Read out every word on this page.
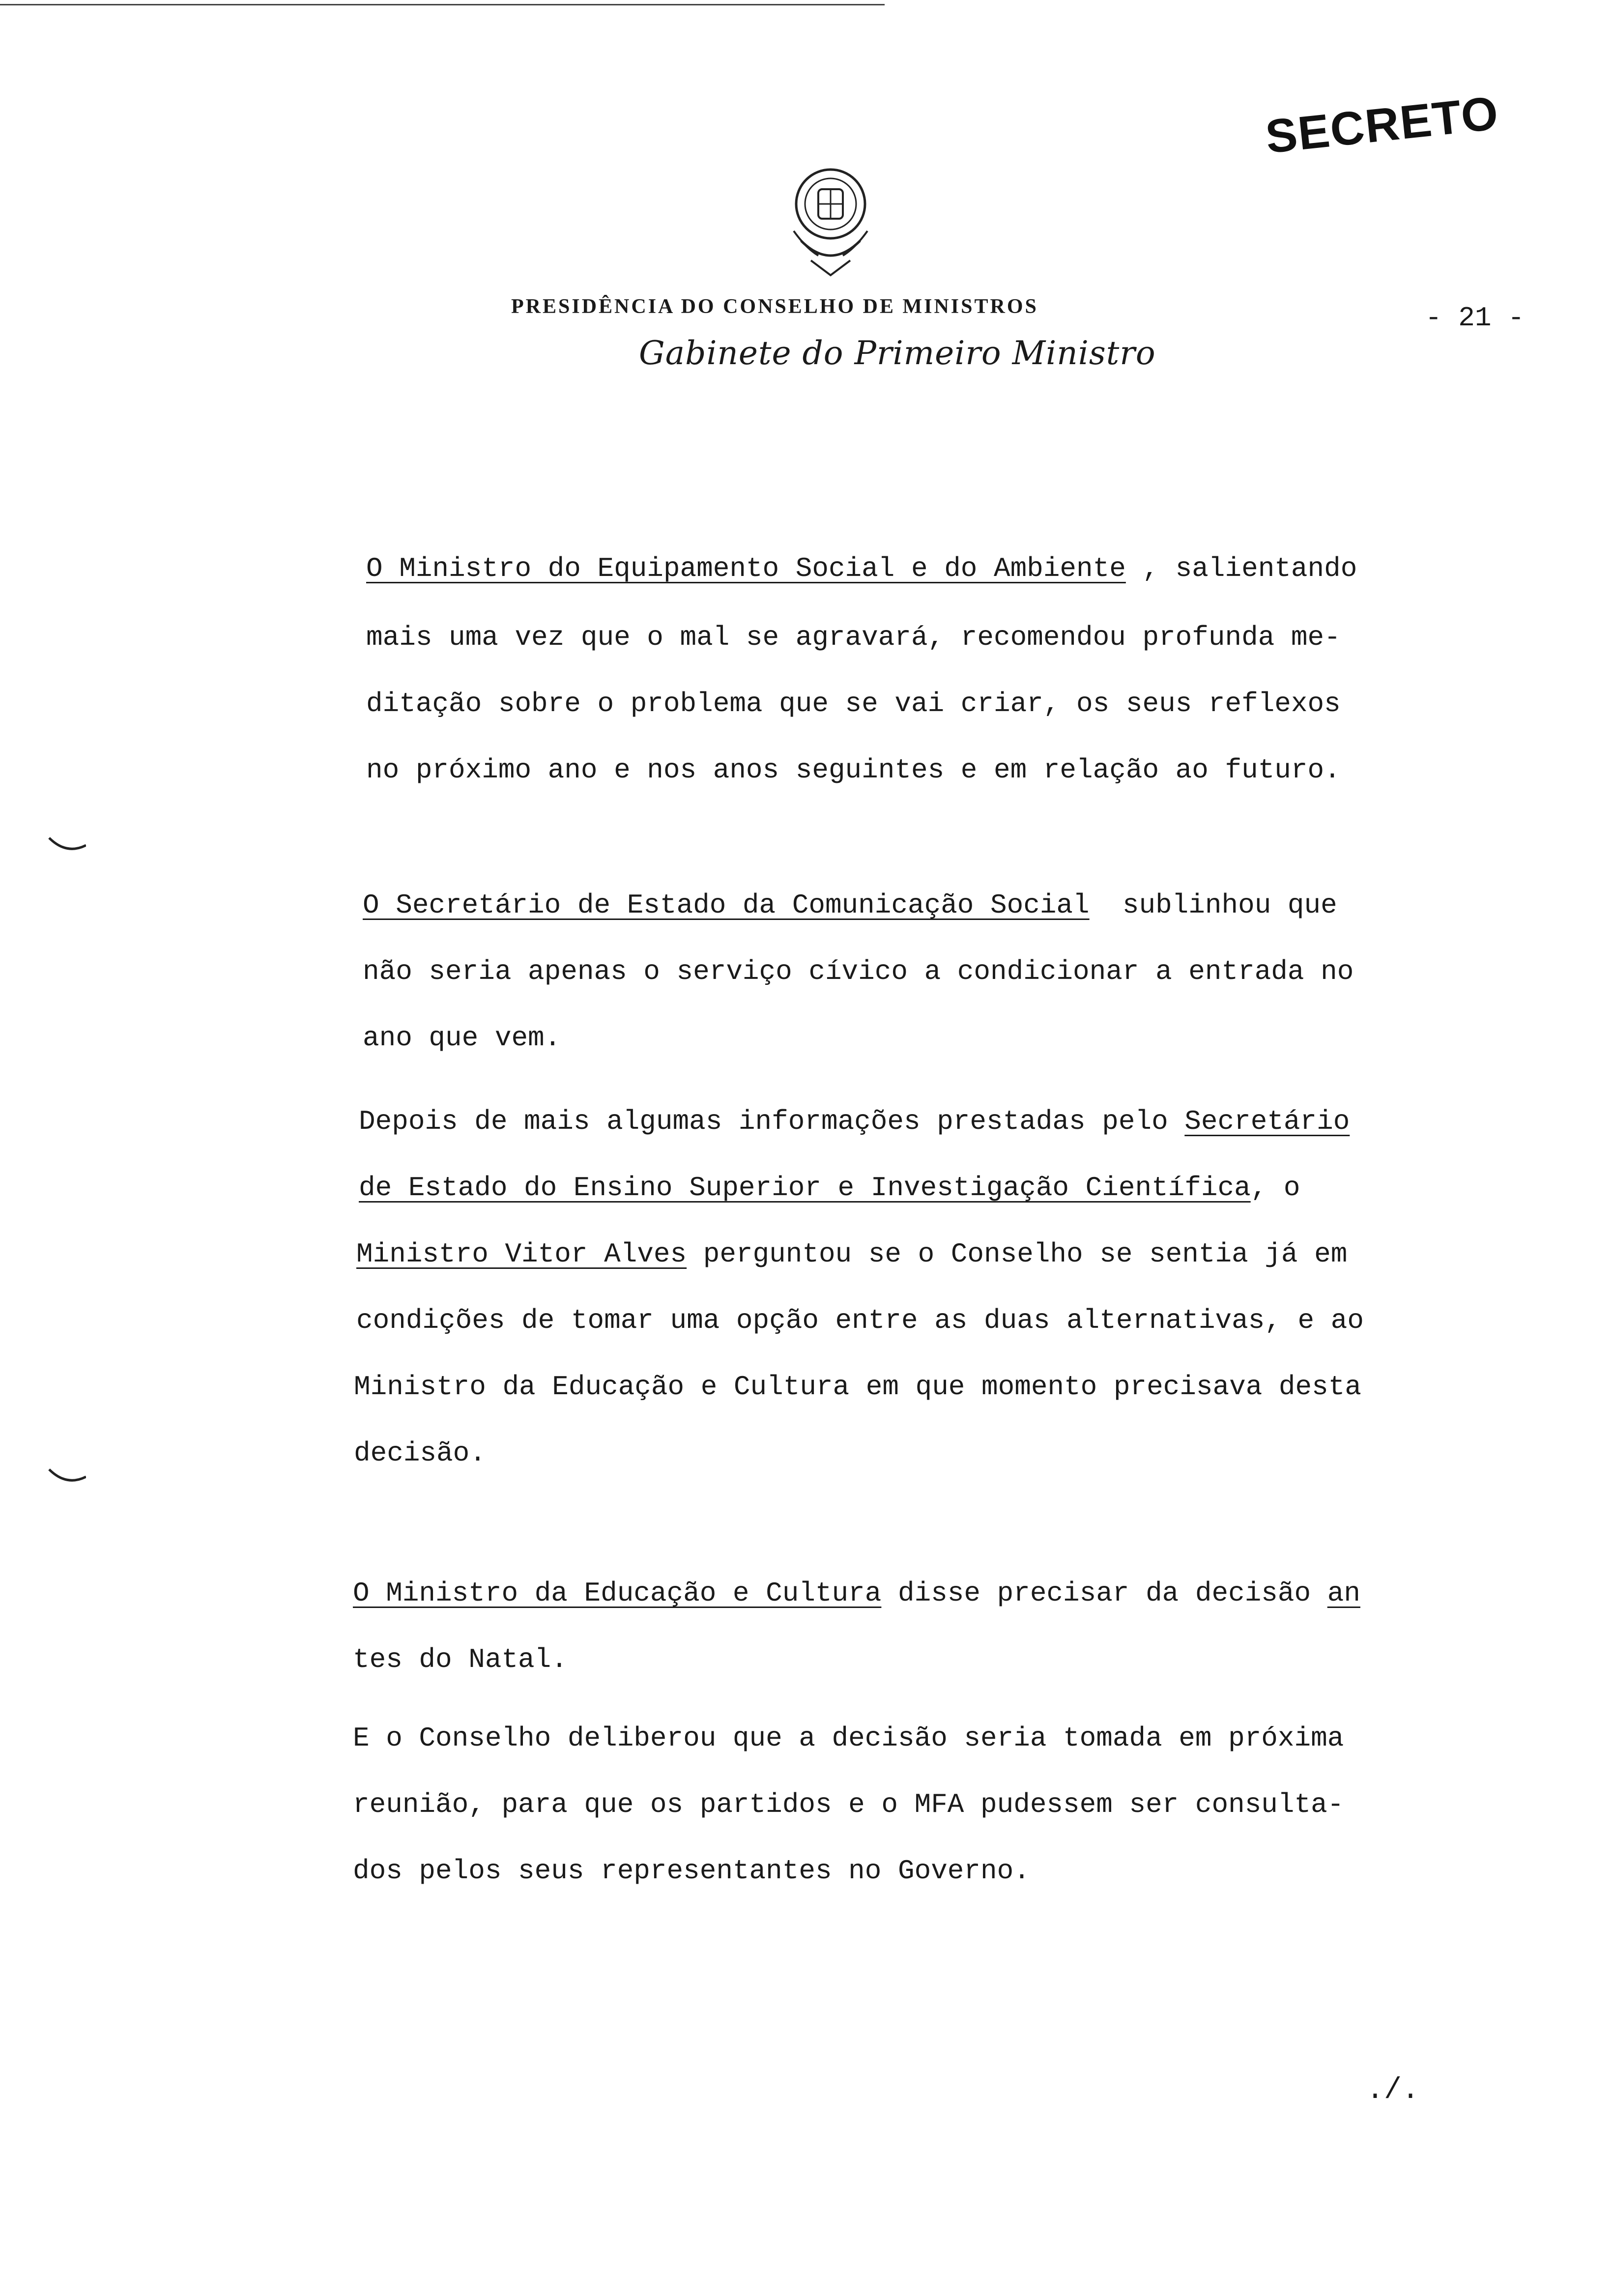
SECRETO
PRESIDÊNCIA DO CONSELHO DE MINISTROS
Gabinete do Primeiro Ministro
- 21 -
O Ministro do Equipamento Social e do Ambiente , salientando
mais uma vez que o mal se agravará, recomendou profunda me-
ditação sobre o problema que se vai criar, os seus reflexos
no próximo ano e nos anos seguintes e em relação ao futuro.
O Secretário de Estado da Comunicação Social  sublinhou que
não seria apenas o serviço cívico a condicionar a entrada no
ano que vem.
Depois de mais algumas informações prestadas pelo Secretário
de Estado do Ensino Superior e Investigação Científica, o
Ministro Vitor Alves perguntou se o Conselho se sentia já em
condições de tomar uma opção entre as duas alternativas, e ao
Ministro da Educação e Cultura em que momento precisava desta
decisão.
O Ministro da Educação e Cultura disse precisar da decisão an
tes do Natal.
E o Conselho deliberou que a decisão seria tomada em próxima
reunião, para que os partidos e o MFA pudessem ser consulta-
dos pelos seus representantes no Governo.
./.
